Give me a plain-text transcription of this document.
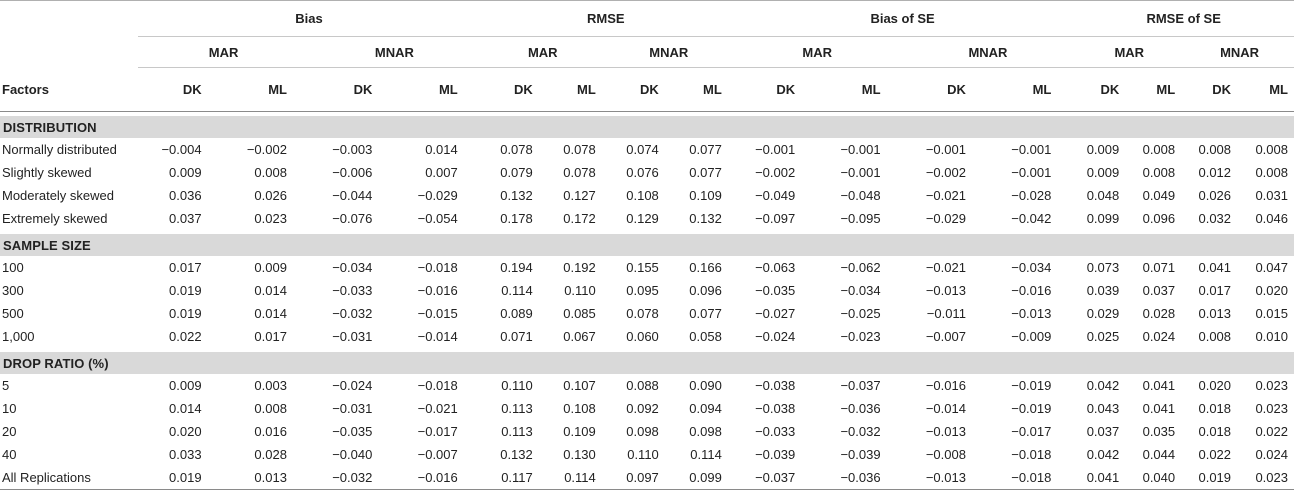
	Bias				RMSE				Bias of SE				RMSE of SE			
	MAR		MNAR		MAR		MNAR		MAR		MNAR		MAR		MNAR	
Factors	DK	ML	DK	ML	DK	ML	DK	ML	DK	ML	DK	ML	DK	ML	DK	ML

DISTRIBUTION																
Normally distributed	−0.004	−0.002	−0.003	0.014	0.078	0.078	0.074	0.077	−0.001	−0.001	−0.001	−0.001	0.009	0.008	0.008	0.008
Slightly skewed	0.009	0.008	−0.006	0.007	0.079	0.078	0.076	0.077	−0.002	−0.001	−0.002	−0.001	0.009	0.008	0.012	0.008
Moderately skewed	0.036	0.026	−0.044	−0.029	0.132	0.127	0.108	0.109	−0.049	−0.048	−0.021	−0.028	0.048	0.049	0.026	0.031
Extremely skewed	0.037	0.023	−0.076	−0.054	0.178	0.172	0.129	0.132	−0.097	−0.095	−0.029	−0.042	0.099	0.096	0.032	0.046

SAMPLE SIZE																
100	0.017	0.009	−0.034	−0.018	0.194	0.192	0.155	0.166	−0.063	−0.062	−0.021	−0.034	0.073	0.071	0.041	0.047
300	0.019	0.014	−0.033	−0.016	0.114	0.110	0.095	0.096	−0.035	−0.034	−0.013	−0.016	0.039	0.037	0.017	0.020
500	0.019	0.014	−0.032	−0.015	0.089	0.085	0.078	0.077	−0.027	−0.025	−0.011	−0.013	0.029	0.028	0.013	0.015
1,000	0.022	0.017	−0.031	−0.014	0.071	0.067	0.060	0.058	−0.024	−0.023	−0.007	−0.009	0.025	0.024	0.008	0.010

DROP RATIO (%)																
5	0.009	0.003	−0.024	−0.018	0.110	0.107	0.088	0.090	−0.038	−0.037	−0.016	−0.019	0.042	0.041	0.020	0.023
10	0.014	0.008	−0.031	−0.021	0.113	0.108	0.092	0.094	−0.038	−0.036	−0.014	−0.019	0.043	0.041	0.018	0.023
20	0.020	0.016	−0.035	−0.017	0.113	0.109	0.098	0.098	−0.033	−0.032	−0.013	−0.017	0.037	0.035	0.018	0.022
40	0.033	0.028	−0.040	−0.007	0.132	0.130	0.110	0.114	−0.039	−0.039	−0.008	−0.018	0.042	0.044	0.022	0.024
All Replications	0.019	0.013	−0.032	−0.016	0.117	0.114	0.097	0.099	−0.037	−0.036	−0.013	−0.018	0.041	0.040	0.019	0.023
